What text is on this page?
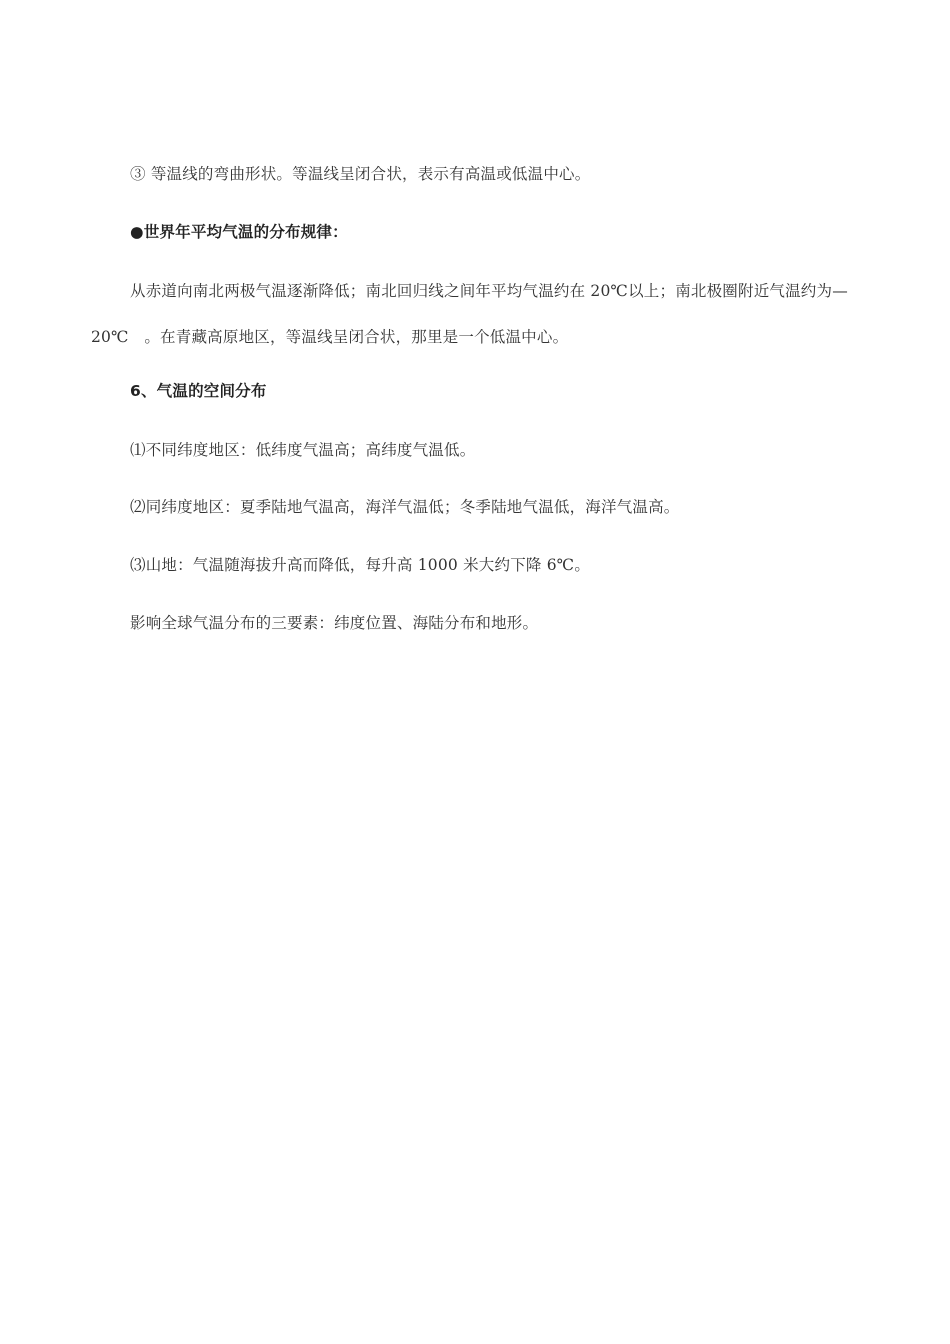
③ 等温线的弯曲形状。等温线呈闭合状，表示有高温或低温中心。

●世界年平均气温的分布规律：

从赤道向南北两极气温逐渐降低；南北回归线之间年平均气温约在 20℃以上；南北极圈附近气温约为—20℃　。在青藏高原地区，等温线呈闭合状，那里是一个低温中心。

6、气温的空间分布

⑴不同纬度地区：低纬度气温高；高纬度气温低。

⑵同纬度地区：夏季陆地气温高，海洋气温低；冬季陆地气温低，海洋气温高。

⑶山地：气温随海拔升高而降低，每升高 1000 米大约下降 6℃。

影响全球气温分布的三要素：纬度位置、海陆分布和地形。
